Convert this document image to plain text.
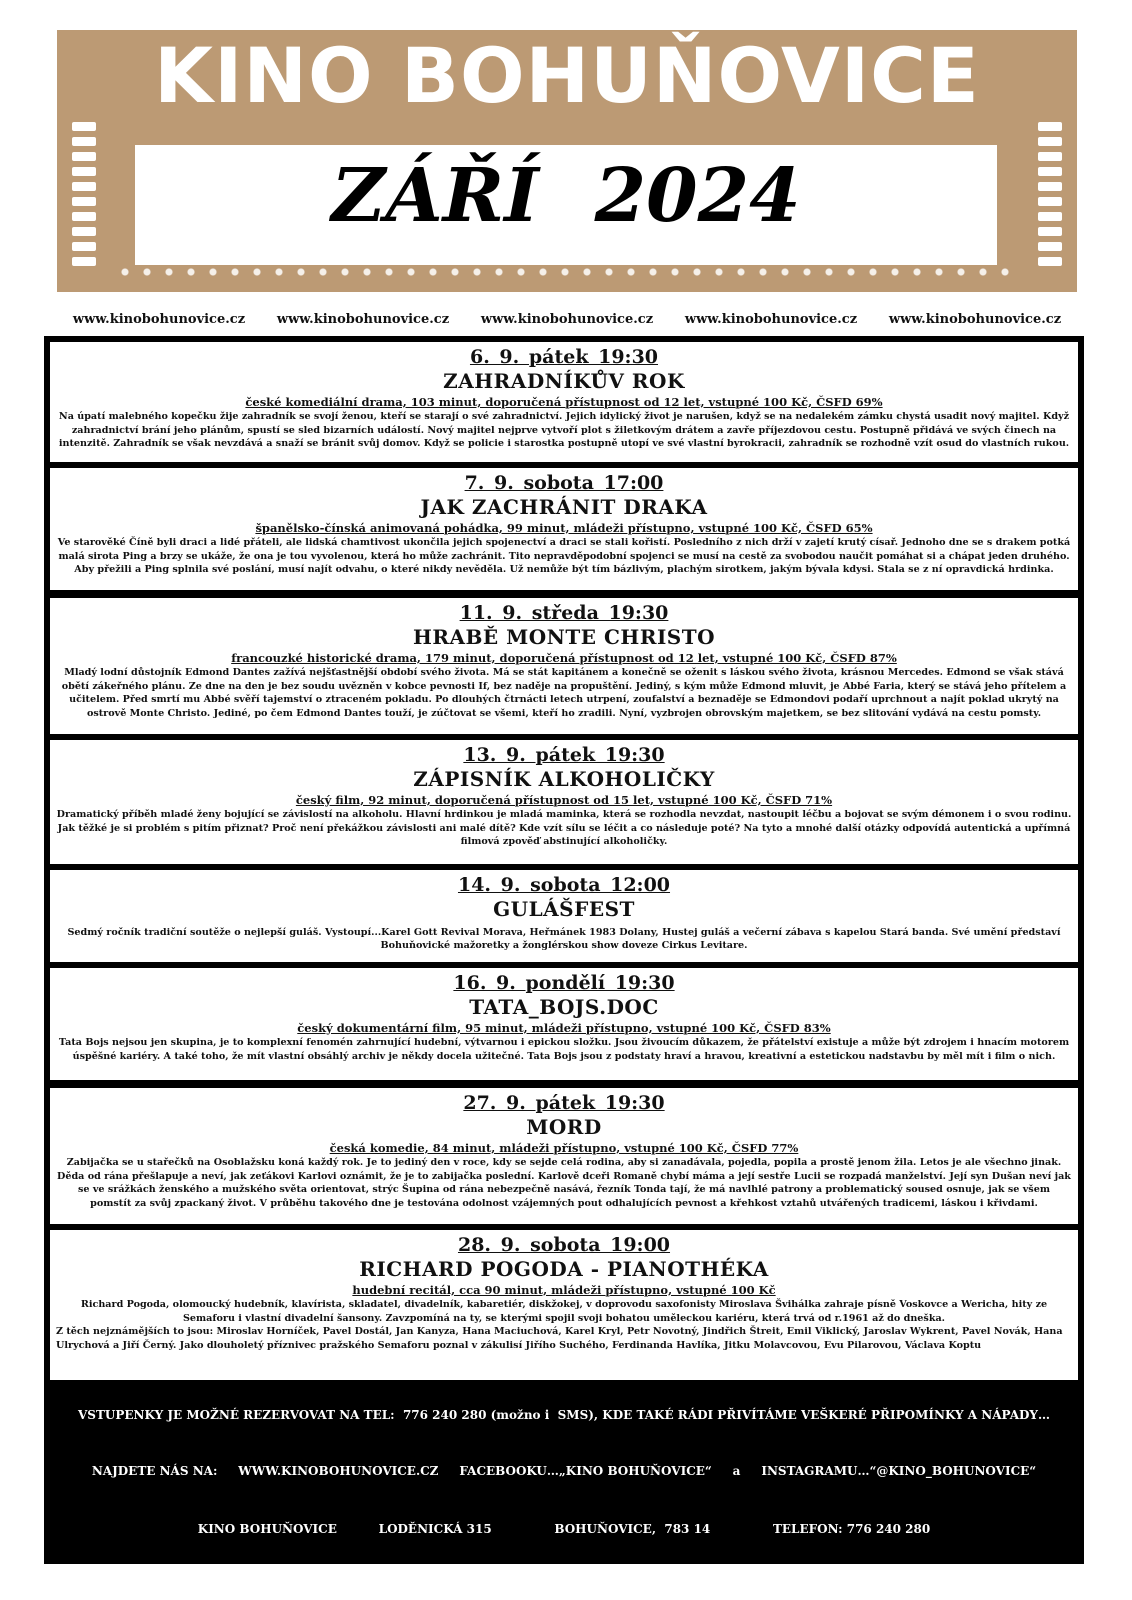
KINO BOHUŇOVICE
ZÁŘÍ 2024
www.kinobohunovice.cz www.kinobohunovice.cz www.kinobohunovice.cz www.kinobohunovice.cz www.kinobohunovice.cz
6. 9. pátek 19:30
ZAHRADNÍKŮV ROK
české komediální drama, 103 minut, doporučená přístupnost od 12 let, vstupné 100 Kč, ČSFD 69%
Na úpatí malebného kopečku žije zahradník se svojí ženou, kteří se starají o své zahradnictví. Jejich idylický život je narušen, když se na nedalekém zámku chystá usadit nový majitel. Když zahradnictví brání jeho plánům, spustí se sled bizarních událostí. Nový majitel nejprve vytvoří plot s žiletkovým drátem a zavře příjezdovou cestu. Postupně přidává ve svých činech na intenzitě. Zahradník se však nevzdává a snaží se bránit svůj domov. Když se policie i starostka postupně utopí ve své vlastní byrokracii, zahradník se rozhodně vzít osud do vlastních rukou.
7. 9. sobota 17:00
JAK ZACHRÁNIT DRAKA
španělsko-čínská animovaná pohádka, 99 minut, mládeži přístupno, vstupné 100 Kč, ČSFD 65%
Ve starověké Číně byli draci a lidé přáteli, ale lidská chamtivost ukončila jejich spojenectví a draci se stali kořistí. Posledního z nich drží v zajetí krutý císař. Jednoho dne se s drakem potká malá sirota Ping a brzy se ukáže, že ona je tou vyvolenou, která ho může zachránit. Tito nepravděpodobní spojenci se musí na cestě za svobodou naučit pomáhat si a chápat jeden druhého. Aby přežili a Ping splnila své poslání, musí najít odvahu, o které nikdy nevěděla. Už nemůže být tím bázlivým, plachým sirotkem, jakým bývala kdysi. Stala se z ní opravdická hrdinka.
11. 9. středa 19:30
HRABĚ MONTE CHRISTO
francouzké historické drama, 179 minut, doporučená přístupnost od 12 let, vstupné 100 Kč, ČSFD 87%
Mladý lodní důstojník Edmond Dantes zažívá nejšťastnější období svého života. Má se stát kapitánem a konečně se oženit s láskou svého života, krásnou Mercedes. Edmond se však stává obětí zákeřného plánu. Ze dne na den je bez soudu uvězněn v kobce pevnosti If, bez naděje na propuštění. Jediný, s kým může Edmond mluvit, je Abbé Faria, který se stává jeho přítelem a učitelem. Před smrtí mu Abbé svěří tajemství o ztraceném pokladu. Po dlouhých čtrnácti letech utrpení, zoufalství a beznaděje se Edmondovi podaří uprchnout a najít poklad ukrytý na ostrově Monte Christo. Jediné, po čem Edmond Dantes touží, je zúčtovat se všemi, kteří ho zradili. Nyní, vyzbrojen obrovským majetkem, se bez slitování vydává na cestu pomsty.
13. 9. pátek 19:30
ZÁPISNÍK ALKOHOLIČKY
český film, 92 minut, doporučená přístupnost od 15 let, vstupné 100 Kč, ČSFD 71%
Dramatický příběh mladé ženy bojující se závislostí na alkoholu. Hlavní hrdinkou je mladá maminka, která se rozhodla nevzdat, nastoupit léčbu a bojovat se svým démonem i o svou rodinu. Jak těžké je si problém s pitím přiznat? Proč není překážkou závislosti ani malé dítě? Kde vzít sílu se léčit a co následuje poté? Na tyto a mnohé další otázky odpovídá autentická a upřímná filmová zpověď abstinující alkoholičky.
14. 9. sobota 12:00
GULÁŠFEST
Sedmý ročník tradiční soutěže o nejlepší guláš. Vystoupí...Karel Gott Revival Morava, Heřmánek 1983 Dolany, Hustej guláš a večerní zábava s kapelou Stará banda. Své umění představí Bohuňovické mažoretky a žonglérskou show doveze Cirkus Levitare.
16. 9. pondělí 19:30
TATA_BOJS.DOC
český dokumentární film, 95 minut, mládeži přístupno, vstupné 100 Kč, ČSFD 83%
Tata Bojs nejsou jen skupina, je to komplexní fenomén zahrnující hudební, výtvarnou i epickou složku. Jsou živoucím důkazem, že přátelství existuje a může být zdrojem i hnacím motorem úspěšné kariéry. A také toho, že mít vlastní obsáhlý archiv je někdy docela užitečné. Tata Bojs jsou z podstaty hraví a hravou, kreativní a estetickou nadstavbu by měl mít i film o nich.
27. 9. pátek 19:30
MORD
česká komedie, 84 minut, mládeži přístupno, vstupné 100 Kč, ČSFD 77%
Zabijačka se u stařečků na Osoblažsku koná každý rok. Je to jediný den v roce, kdy se sejde celá rodina, aby si zanadávala, pojedla, popila a prostě jenom žila. Letos je ale všechno jinak. Děda od rána přešlapuje a neví, jak zeťákovi Karlovi oznámit, že je to zabijačka poslední. Karlově dceři Romaně chybí máma a její sestře Lucii se rozpadá manželství. Její syn Dušan neví jak se ve srážkách ženského a mužského světa orientovat, strýc Šupina od rána nebezpečně nasává, řezník Tonda tají, že má navlhlé patrony a problematický soused osnuje, jak se všem pomstít za svůj zpackaný život. V průběhu takového dne je testována odolnost vzájemných pout odhalujících pevnost a křehkost vztahů utvářených tradicemi, láskou i křivdami.
28. 9. sobota 19:00
RICHARD POGODA - PIANOTHÉKA
hudební recitál, cca 90 minut, mládeži přístupno, vstupné 100 Kč
Richard Pogoda, olomoucký hudebník, klavírista, skladatel, divadelník, kabaretiér, diskžokej, v doprovodu saxofonisty Miroslava Švihálka zahraje písně Voskovce a Wericha, hity ze Semaforu i vlastní divadelní šansony. Zavzpomíná na ty, se kterými spojil svoji bohatou uměleckou kariéru, která trvá od r.1961 až do dneška.
Z těch nejznámějších to jsou: Miroslav Horníček, Pavel Dostál, Jan Kanyza, Hana Maciuchová, Karel Kryl, Petr Novotný, Jindřich Štreit, Emil Viklický, Jaroslav Wykrent, Pavel Novák, Hana Ulrychová a Jiří Černý. Jako dlouholetý příznivec pražského Semaforu poznal v zákulisí Jiřího Suchého, Ferdinanda Havlíka, Jitku Molavcovou, Evu Pilarovou, Václava Koptu
VSTUPENKY JE MOŽNÉ REZERVOVAT NA TEL:  776 240 280 (možno i  SMS), KDE TAKÉ RÁDI PŘIVÍTÁME VEŠKERÉ PŘIPOMÍNKY A NÁPADY…
NAJDETE NÁS NA:     WWW.KINOBOHUNOVICE.CZ     FACEBOOKU…„KINO BOHUŇOVICE“     a     INSTAGRAMU…“@KINO_BOHUNOVICE“
KINO BOHUŇOVICE          LODĚNICKÁ 315               BOHUŇOVICE,  783 14               TELEFON: 776 240 280
